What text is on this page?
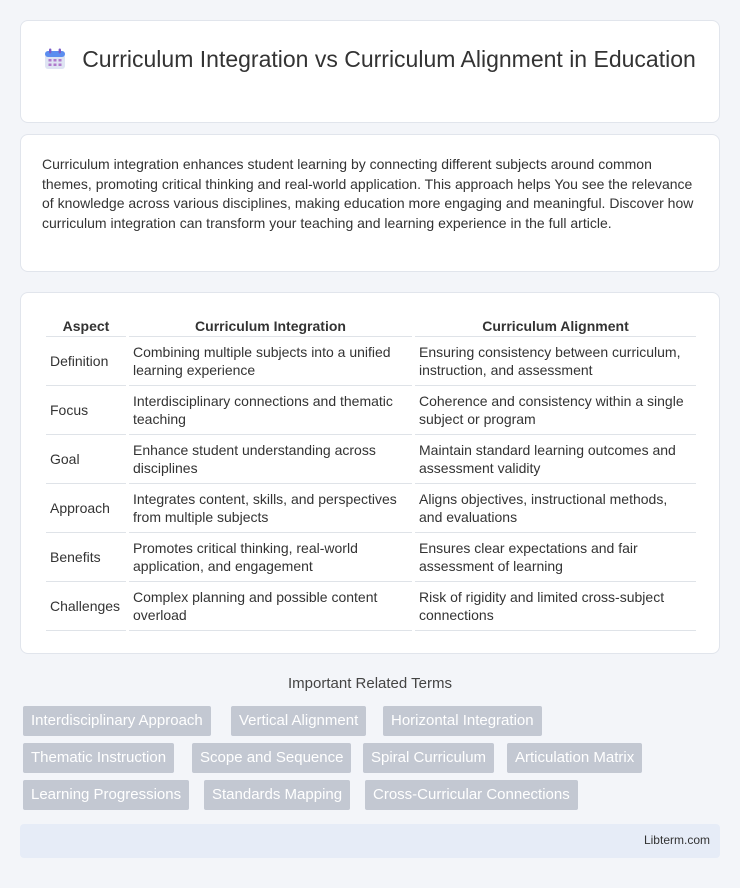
Curriculum Integration vs Curriculum Alignment in Education

Curriculum integration enhances student learning by connecting different subjects around common themes, promoting critical thinking and real-world application. This approach helps You see the relevance of knowledge across various disciplines, making education more engaging and meaningful. Discover how curriculum integration can transform your teaching and learning experience in the full article.

Aspect	Curriculum Integration	Curriculum Alignment
Definition	Combining multiple subjects into a unified learning experience	Ensuring consistency between curriculum, instruction, and assessment
Focus	Interdisciplinary connections and thematic teaching	Coherence and consistency within a single subject or program
Goal	Enhance student understanding across disciplines	Maintain standard learning outcomes and assessment validity
Approach	Integrates content, skills, and perspectives from multiple subjects	Aligns objectives, instructional methods, and evaluations
Benefits	Promotes critical thinking, real-world application, and engagement	Ensures clear expectations and fair assessment of learning
Challenges	Complex planning and possible content overload	Risk of rigidity and limited cross-subject connections
Important Related Terms
Interdisciplinary Approach	Vertical Alignment	Horizontal Integration
Thematic Instruction	Scope and Sequence	Spiral Curriculum	Articulation Matrix
Learning Progressions	Standards Mapping	Cross-Curricular Connections
Libterm.com
